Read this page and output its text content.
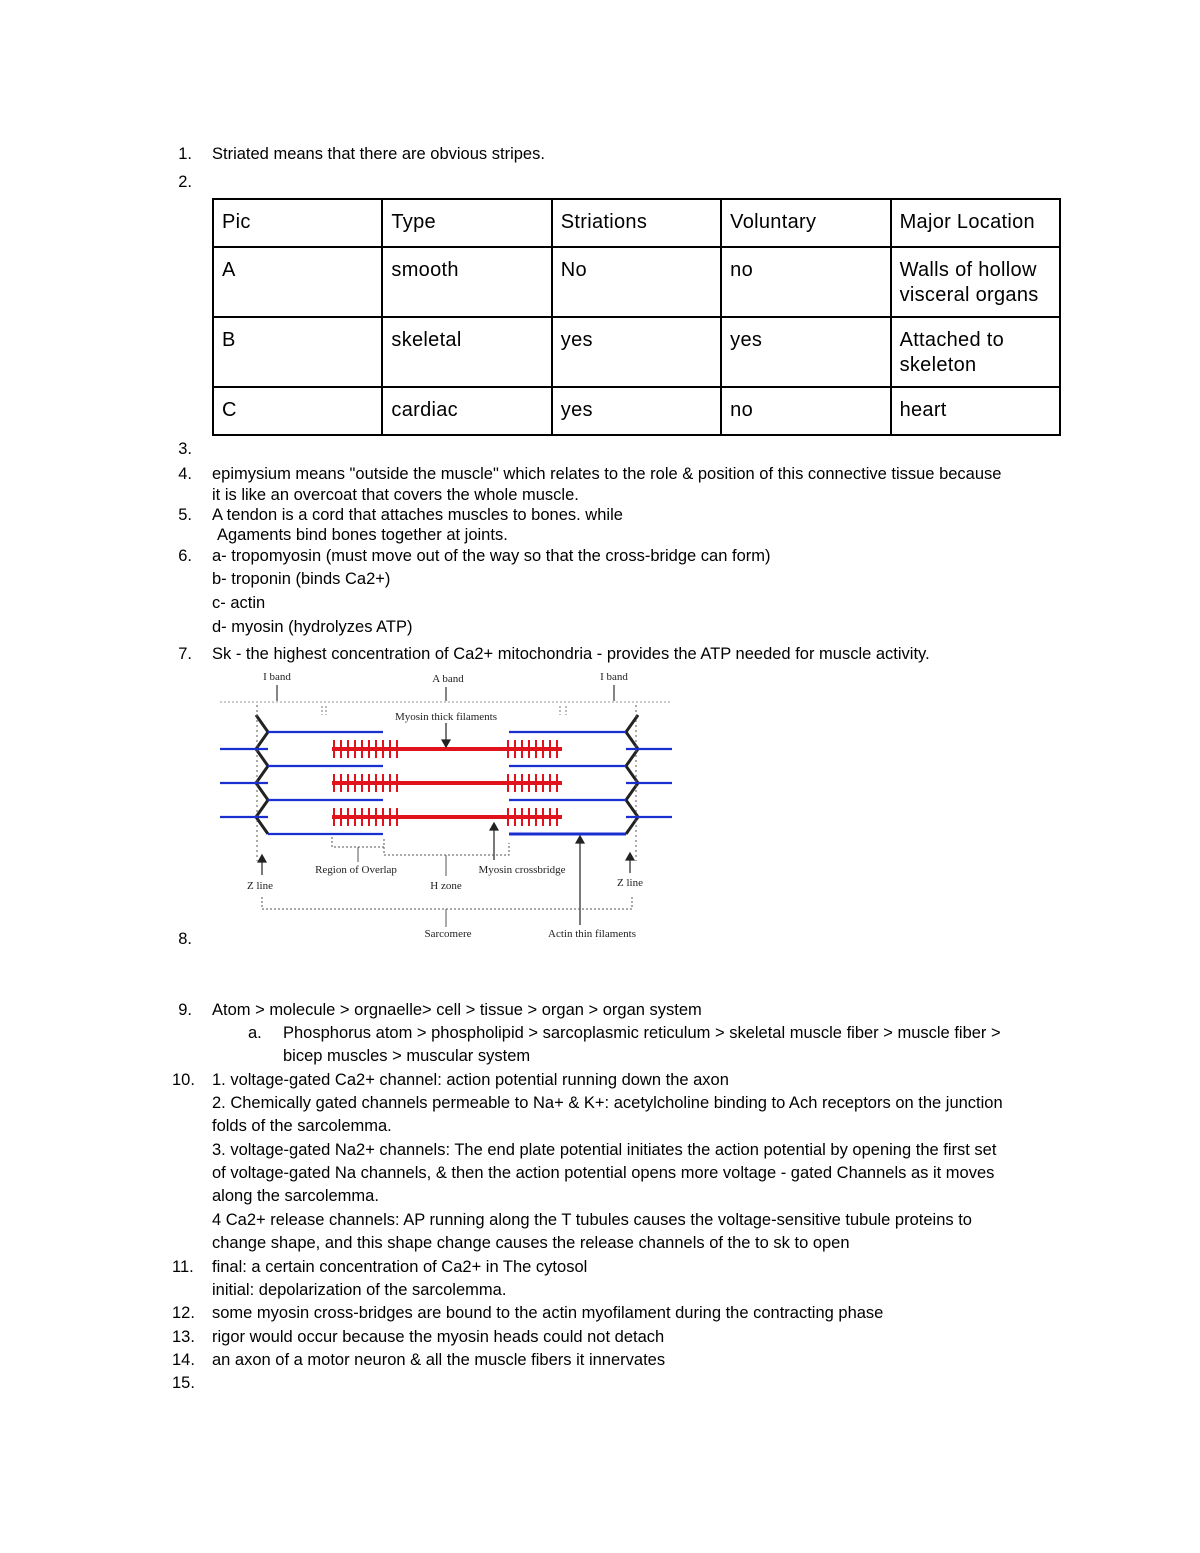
1. Striated means that there are obvious stripes.
2.
Pic	Type	Striations	Voluntary	Major Location
A	smooth	No	no	Walls of hollow visceral organs
B	skeletal	yes	yes	Attached to skeleton
C	cardiac	yes	no	heart
3.
4. epimysium means "outside the muscle" which relates to the role & position of this connective tissue because
it is like an overcoat that covers the whole muscle.
5. A tendon is a cord that attaches muscles to bones. while
Agaments bind bones together at joints.
6. a- tropomyosin (must move out of the way so that the cross-bridge can form)
b- troponin (binds Ca2+)
c- actin
d- myosin (hydrolyzes ATP)
7. Sk - the highest concentration of Ca2+ mitochondria - provides the ATP needed for muscle activity.
I band	A band	I band
Myosin thick filaments
Z line
Region of Overlap
H zone
Myosin crossbridge
Z line
Sarcomere	Actin thin filaments
8.
9. Atom > molecule > orgnaelle> cell > tissue > organ > organ system
a. Phosphorus atom > phospholipid > sarcoplasmic reticulum > skeletal muscle fiber > muscle fiber >
bicep muscles > muscular system
10. 1. voltage-gated Ca2+ channel: action potential running down the axon
2. Chemically gated channels permeable to Na+ & K+: acetylcholine binding to Ach receptors on the junction
folds of the sarcolemma.
3. voltage-gated Na2+ channels: The end plate potential initiates the action potential by opening the first set
of voltage-gated Na channels, & then the action potential opens more voltage - gated Channels as it moves
along the sarcolemma.
4 Ca2+ release channels: AP running along the T tubules causes the voltage-sensitive tubule proteins to
change shape, and this shape change causes the release channels of the to sk to open
11. final: a certain concentration of Ca2+ in The cytosol
initial: depolarization of the sarcolemma.
12. some myosin cross-bridges are bound to the actin myofilament during the contracting phase
13. rigor would occur because the myosin heads could not detach
14. an axon of a motor neuron & all the muscle fibers it innervates
15.
